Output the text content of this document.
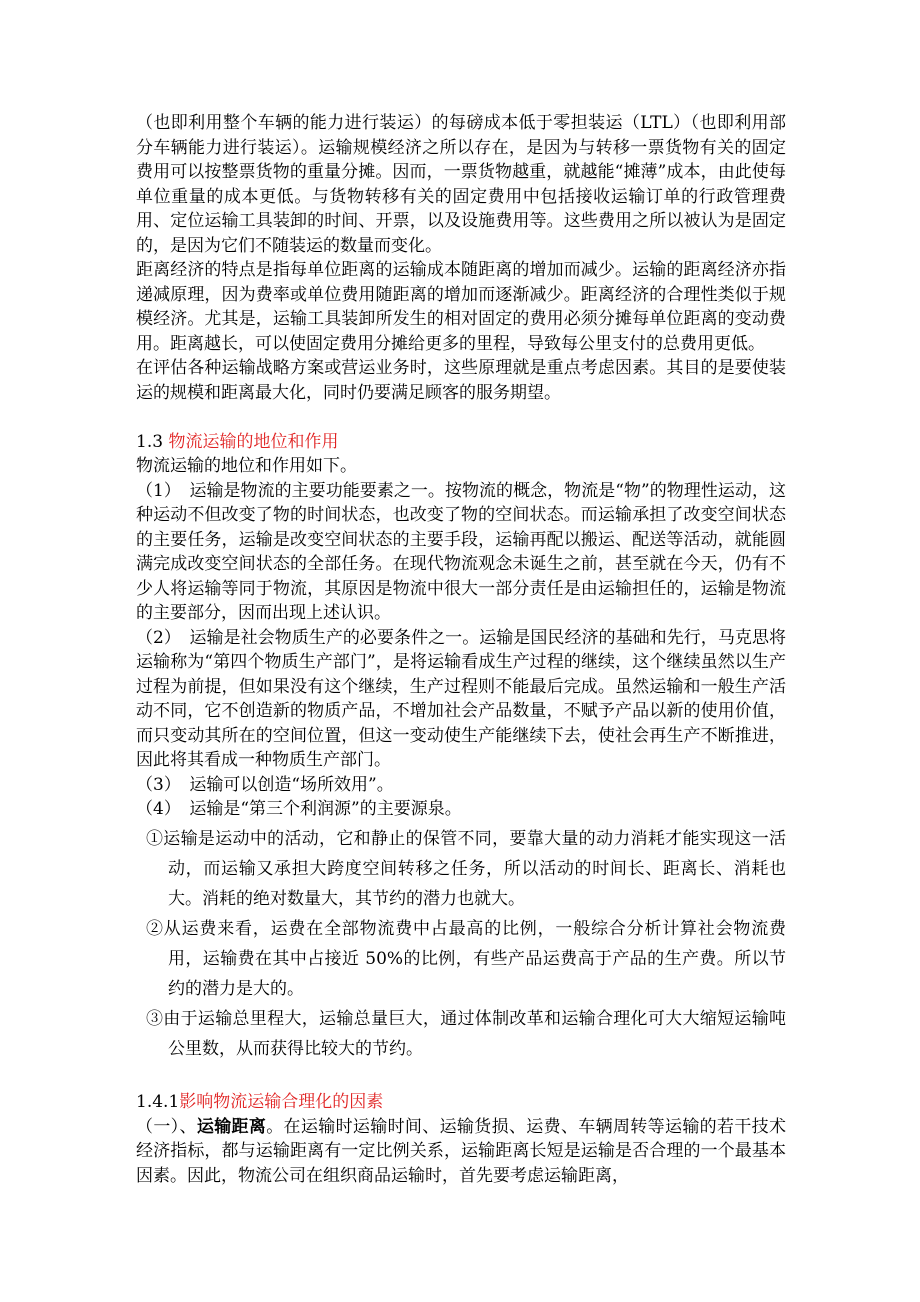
（也即利用整个车辆的能力进行装运）的每磅成本低于零担装运（LTL）（也即利用部分车辆能力进行装运）。运输规模经济之所以存在，是因为与转移一票货物有关的固定费用可以按整票货物的重量分摊。因而，一票货物越重，就越能“摊薄”成本，由此使每单位重量的成本更低。与货物转移有关的固定费用中包括接收运输订单的行政管理费用、定位运输工具装卸的时间、开票，以及设施费用等。这些费用之所以被认为是固定的，是因为它们不随装运的数量而变化。

距离经济的特点是指每单位距离的运输成本随距离的增加而减少。运输的距离经济亦指递减原理，因为费率或单位费用随距离的增加而逐渐减少。距离经济的合理性类似于规模经济。尤其是，运输工具装卸所发生的相对固定的费用必须分摊每单位距离的变动费用。距离越长，可以使固定费用分摊给更多的里程，导致每公里支付的总费用更低。

在评估各种运输战略方案或营运业务时，这些原理就是重点考虑因素。其目的是要使装运的规模和距离最大化，同时仍要满足顾客的服务期望。

1.3 物流运输的地位和作用

物流运输的地位和作用如下。

（1）　运输是物流的主要功能要素之一。按物流的概念，物流是“物”的物理性运动，这种运动不但改变了物的时间状态，也改变了物的空间状态。而运输承担了改变空间状态的主要任务，运输是改变空间状态的主要手段，运输再配以搬运、配送等活动，就能圆满完成改变空间状态的全部任务。在现代物流观念未诞生之前，甚至就在今天，仍有不少人将运输等同于物流，其原因是物流中很大一部分责任是由运输担任的，运输是物流的主要部分，因而出现上述认识。

（2）　运输是社会物质生产的必要条件之一。运输是国民经济的基础和先行，马克思将运输称为“第四个物质生产部门”，是将运输看成生产过程的继续，这个继续虽然以生产过程为前提，但如果没有这个继续，生产过程则不能最后完成。虽然运输和一般生产活动不同，它不创造新的物质产品，不增加社会产品数量，不赋予产品以新的使用价值，而只变动其所在的空间位置，但这一变动使生产能继续下去，使社会再生产不断推进，因此将其看成一种物质生产部门。

（3）　运输可以创造“场所效用”。

（4）　运输是“第三个利润源”的主要源泉。

①运输是运动中的活动，它和静止的保管不同，要靠大量的动力消耗才能实现这一活动，而运输又承担大跨度空间转移之任务，所以活动的时间长、距离长、消耗也大。消耗的绝对数量大，其节约的潜力也就大。

②从运费来看，运费在全部物流费中占最高的比例，一般综合分析计算社会物流费用，运输费在其中占接近 50%的比例，有些产品运费高于产品的生产费。所以节约的潜力是大的。

③由于运输总里程大，运输总量巨大，通过体制改革和运输合理化可大大缩短运输吨公里数，从而获得比较大的节约。

1.4.1影响物流运输合理化的因素

（一）、运输距离。在运输时运输时间、运输货损、运费、车辆周转等运输的若干技术经济指标，都与运输距离有一定比例关系，运输距离长短是运输是否合理的一个最基本因素。因此，物流公司在组织商品运输时，首先要考虑运输距离，
